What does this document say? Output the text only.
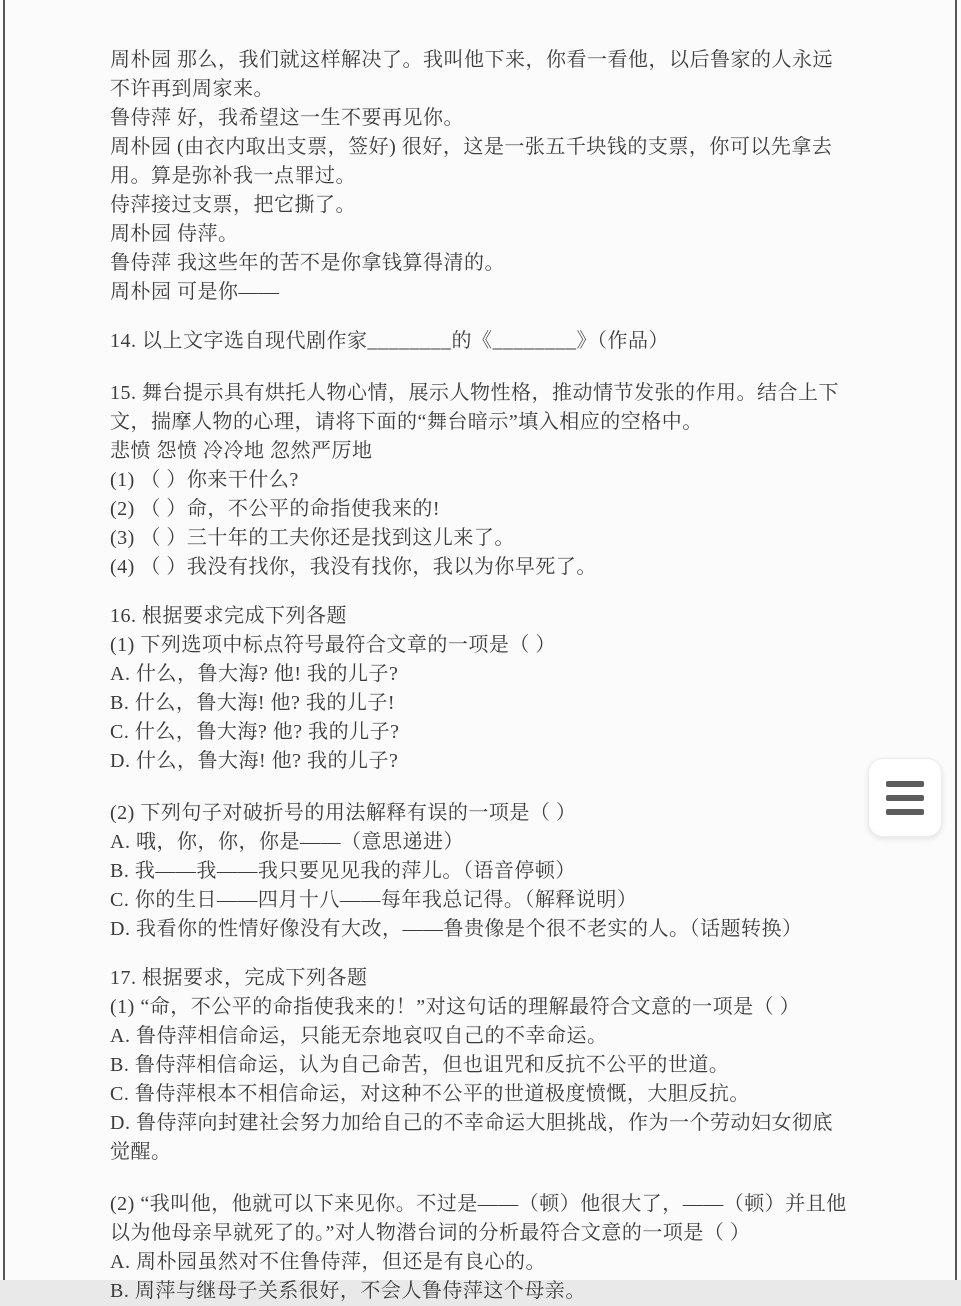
周朴园 那么，我们就这样解决了。我叫他下来，你看一看他，以后鲁家的人永远不许再到周家来。
鲁侍萍 好，我希望这一生不要再见你。
周朴园 (由衣内取出支票，签好) 很好，这是一张五千块钱的支票，你可以先拿去用。算是弥补我一点罪过。
侍萍接过支票，把它撕了。
周朴园 侍萍。
鲁侍萍 我这些年的苦不是你拿钱算得清的。
周朴园 可是你——
14. 以上文字选自现代剧作家________的《________》（作品）
15. 舞台提示具有烘托人物心情，展示人物性格，推动情节发张的作用。结合上下文，揣摩人物的心理，请将下面的“舞台暗示”填入相应的空格中。
悲愤 怨愤 冷冷地 忽然严厉地
(1) （ ）你来干什么?
(2) （ ）命，不公平的命指使我来的!
(3) （ ）三十年的工夫你还是找到这儿来了。
(4) （ ）我没有找你，我没有找你，我以为你早死了。
16. 根据要求完成下列各题
(1) 下列选项中标点符号最符合文章的一项是（ ）
A. 什么，鲁大海? 他! 我的儿子?
B. 什么，鲁大海! 他? 我的儿子!
C. 什么，鲁大海? 他? 我的儿子?
D. 什么，鲁大海! 他? 我的儿子?
(2) 下列句子对破折号的用法解释有误的一项是（ ）
A. 哦，你，你，你是——（意思递进）
B. 我——我——我只要见见我的萍儿。（语音停顿）
C. 你的生日——四月十八——每年我总记得。（解释说明）
D. 我看你的性情好像没有大改，——鲁贵像是个很不老实的人。（话题转换）
17. 根据要求，完成下列各题
(1) “命，不公平的命指使我来的！”对这句话的理解最符合文意的一项是（ ）
A. 鲁侍萍相信命运，只能无奈地哀叹自己的不幸命运。
B. 鲁侍萍相信命运，认为自己命苦，但也诅咒和反抗不公平的世道。
C. 鲁侍萍根本不相信命运，对这种不公平的世道极度愤慨，大胆反抗。
D. 鲁侍萍向封建社会努力加给自己的不幸命运大胆挑战，作为一个劳动妇女彻底觉醒。
(2) “我叫他，他就可以下来见你。不过是——（顿）他很大了，——（顿）并且他以为他母亲早就死了的。”对人物潜台词的分析最符合文意的一项是（ ）
A. 周朴园虽然对不住鲁侍萍，但还是有良心的。
B. 周萍与继母子关系很好，不会人鲁侍萍这个母亲。
